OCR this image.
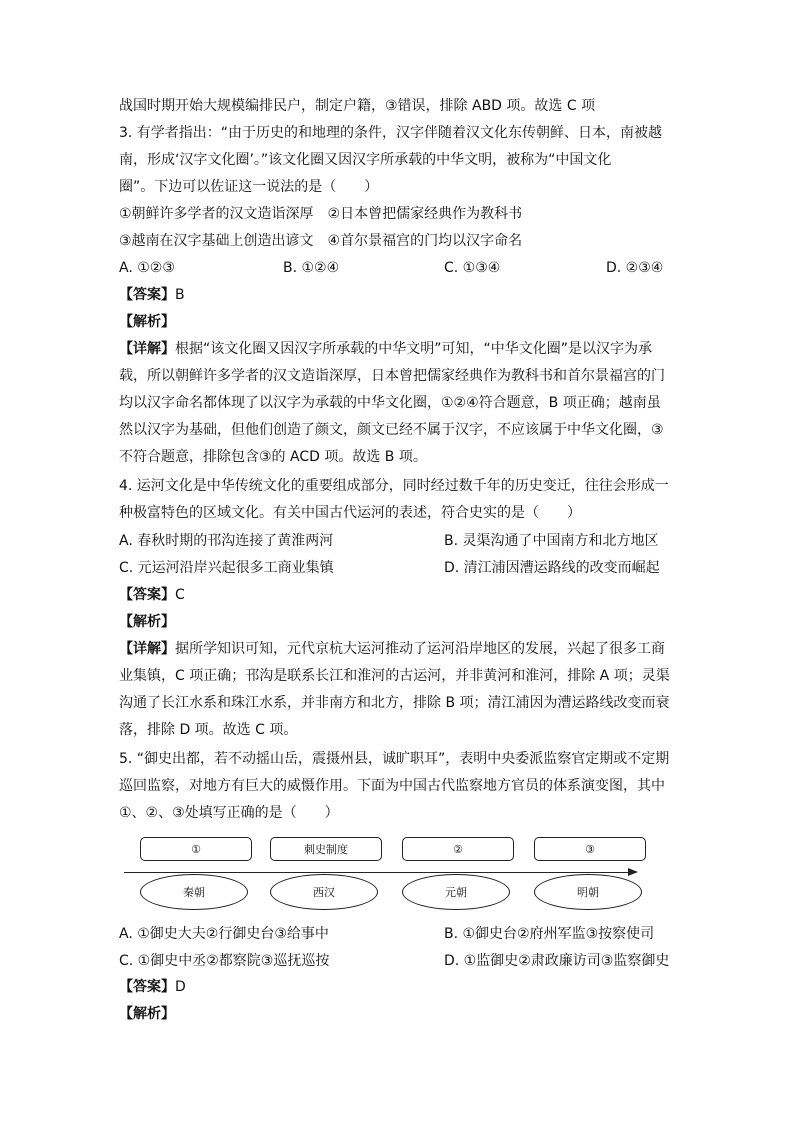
战国时期开始大规模编排民户，制定户籍，③错误，排除 ABD 项。故选 C 项
3. 有学者指出：“由于历史的和地理的条件，汉字伴随着汉文化东传朝鲜、日本，南被越
南，形成‘汉字文化圈’。”该文化圈又因汉字所承载的中华文明，被称为“中国文化
圈”。下边可以佐证这一说法的是（　　）
①朝鲜许多学者的汉文造诣深厚　②日本曾把儒家经典作为教科书
③越南在汉字基础上创造出谚文　④首尔景福宫的门均以汉字命名
A. ①②③	B. ①②④	C. ①③④	D. ②③④
【答案】B
【解析】
【详解】根据“该文化圈又因汉字所承载的中华文明”可知，“中华文化圈”是以汉字为承
载，所以朝鲜许多学者的汉文造诣深厚，日本曾把儒家经典作为教科书和首尔景福宫的门
均以汉字命名都体现了以汉字为承载的中华文化圈，①②④符合题意，B 项正确；越南虽
然以汉字为基础，但他们创造了颜文，颜文已经不属于汉字，不应该属于中华文化圈，③
不符合题意，排除包含③的 ACD 项。故选 B 项。
4. 运河文化是中华传统文化的重要组成部分，同时经过数千年的历史变迁，往往会形成一
种极富特色的区域文化。有关中国古代运河的表述，符合史实的是（　　）
A. 春秋时期的邗沟连接了黄淮两河	B. 灵渠沟通了中国南方和北方地区
C. 元运河沿岸兴起很多工商业集镇	D. 清江浦因漕运路线的改变而崛起
【答案】C
【解析】
【详解】据所学知识可知，元代京杭大运河推动了运河沿岸地区的发展，兴起了很多工商
业集镇，C 项正确；邗沟是联系长江和淮河的古运河，并非黄河和淮河，排除 A 项；灵渠
沟通了长江水系和珠江水系，并非南方和北方，排除 B 项；清江浦因为漕运路线改变而衰
落，排除 D 项。故选 C 项。
5. “御史出都，若不动摇山岳，震摄州县，诚旷职耳”，表明中央委派监察官定期或不定期
巡回监察，对地方有巨大的威慑作用。下面为中国古代监察地方官员的体系演变图，其中
①、②、③处填写正确的是（　　）
①	刺史制度	②	③
秦朝	西汉	元朝	明朝
A. ①御史大夫②行御史台③给事中	B. ①御史台②府州军监③按察使司
C. ①御史中丞②都察院③巡抚巡按	D. ①监御史②肃政廉访司③监察御史
【答案】D
【解析】
